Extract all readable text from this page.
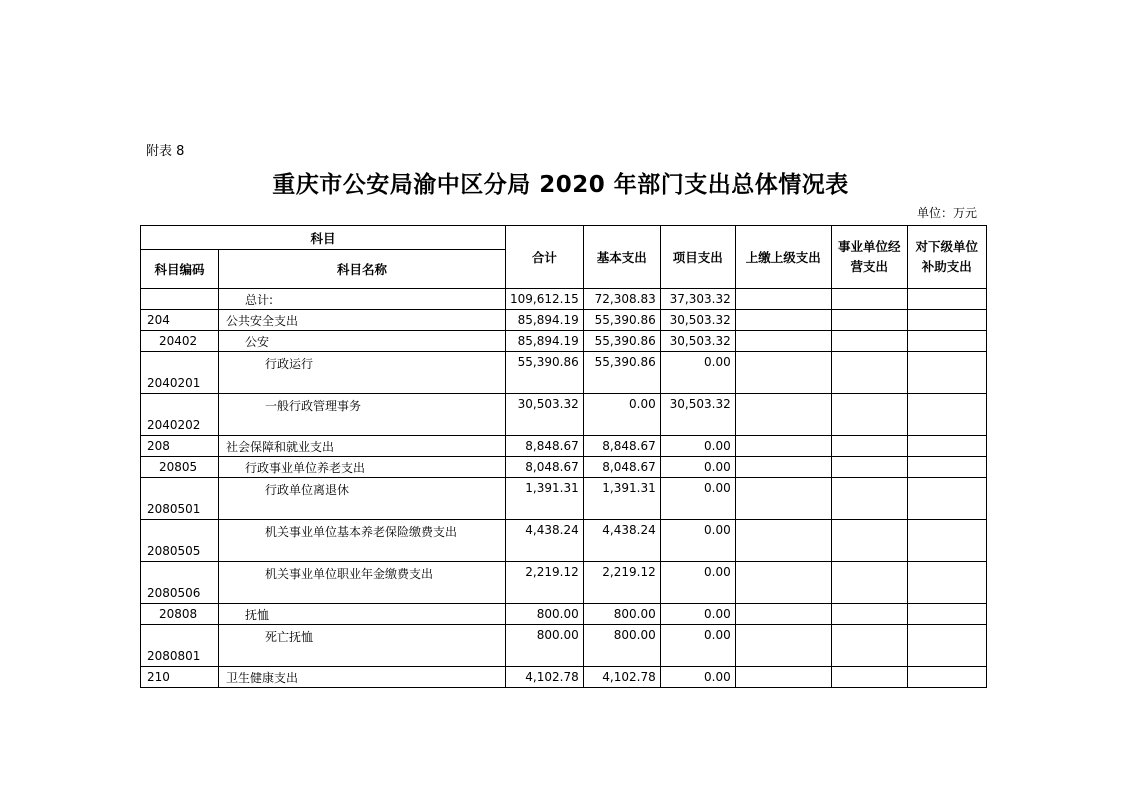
附表 8
重庆市公安局渝中区分局 2020 年部门支出总体情况表
单位：万元
科目		合计	基本支出	项目支出	上缴上级支出	事业单位经营支出	对下级单位补助支出
科目编码	科目名称						
	总计:	109,612.15	72,308.83	37,303.32			
204	公共安全支出	85,894.19	55,390.86	30,503.32			
20402	公安	85,894.19	55,390.86	30,503.32			
2040201	行政运行	55,390.86	55,390.86	0.00			
2040202	一般行政管理事务	30,503.32	0.00	30,503.32			
208	社会保障和就业支出	8,848.67	8,848.67	0.00			
20805	行政事业单位养老支出	8,048.67	8,048.67	0.00			
2080501	行政单位离退休	1,391.31	1,391.31	0.00			
2080505	机关事业单位基本养老保险缴费支出	4,438.24	4,438.24	0.00			
2080506	机关事业单位职业年金缴费支出	2,219.12	2,219.12	0.00			
20808	抚恤	800.00	800.00	0.00			
2080801	死亡抚恤	800.00	800.00	0.00			
210	卫生健康支出	4,102.78	4,102.78	0.00			
